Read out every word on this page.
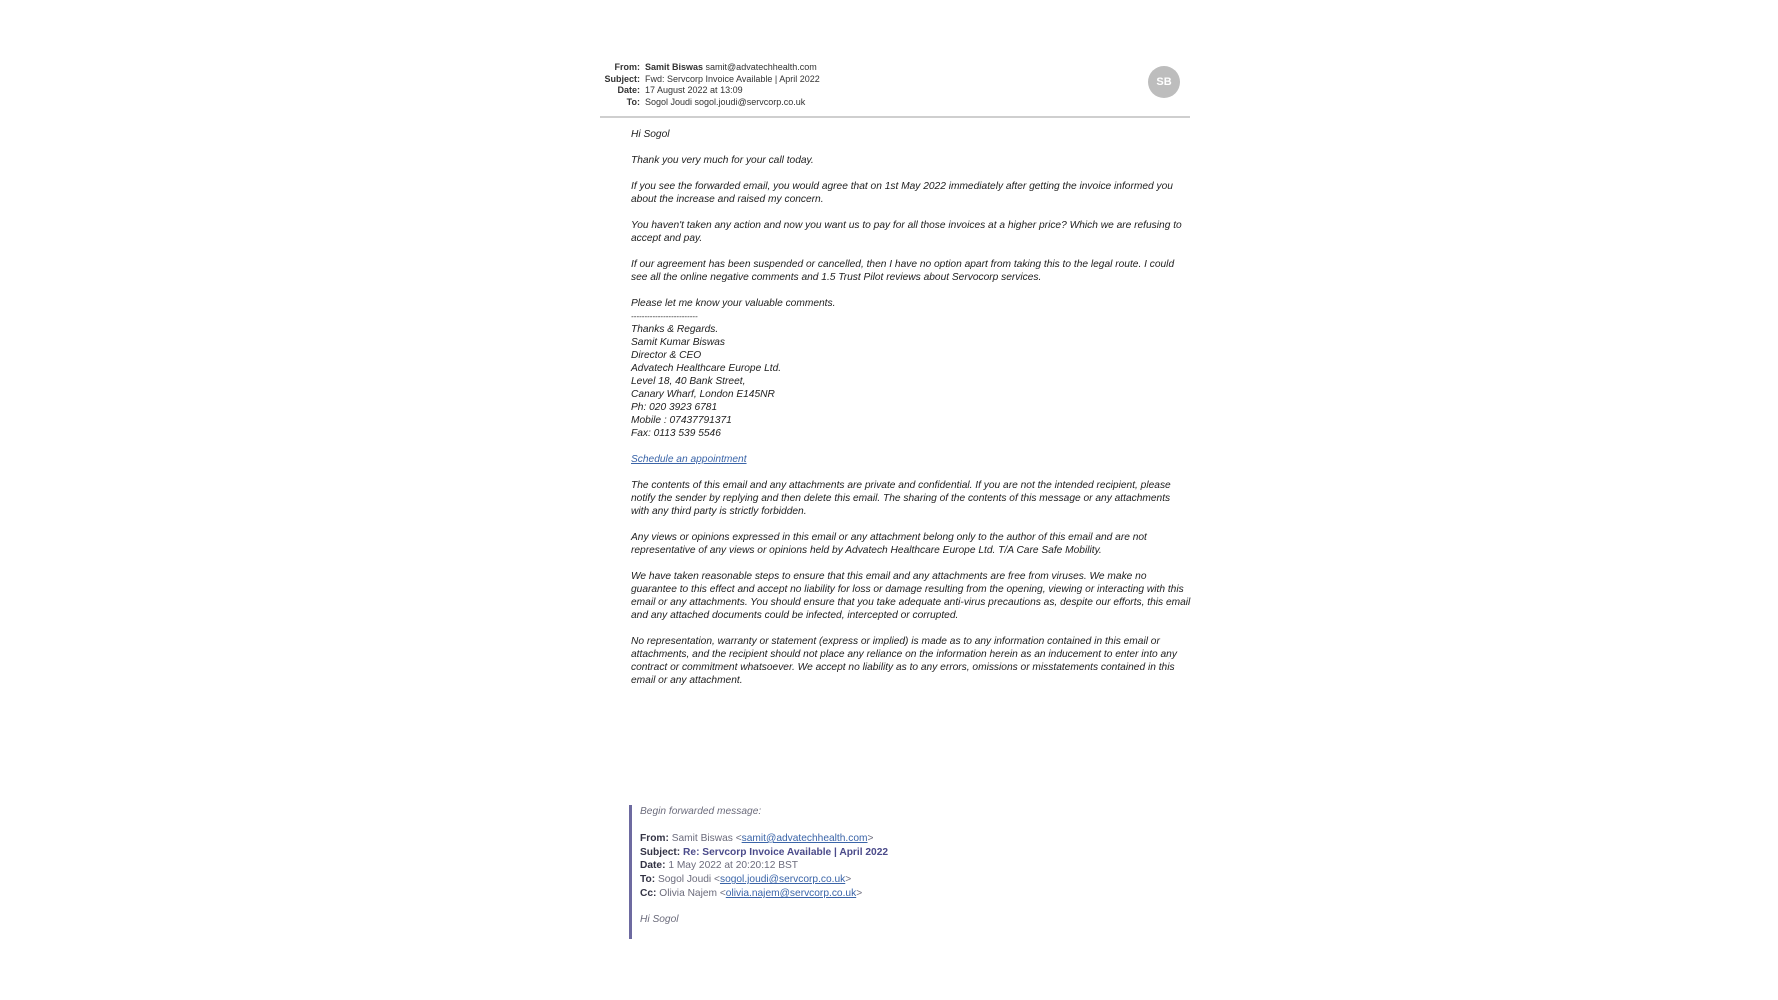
From: Samit Biswas samit@advatechhealth.com
Subject: Fwd: Servcorp Invoice Available | April 2022
Date: 17 August 2022 at 13:09
To: Sogol Joudi sogol.joudi@servcorp.co.uk
SB

Hi Sogol

Thank you very much for your call today.

If you see the forwarded email, you would agree that on 1st May 2022 immediately after getting the invoice informed you about the increase and raised my concern.

You haven't taken any action and now you want us to pay for all those invoices at a higher price? Which we are refusing to accept and pay.

If our agreement has been suspended or cancelled, then I have no option apart from taking this to the legal route. I could see all the online negative comments and 1.5 Trust Pilot reviews about Servocorp services.

Please let me know your valuable comments.
-------------------------
Thanks & Regards.
Samit Kumar Biswas
Director & CEO
Advatech Healthcare Europe Ltd.
Level 18, 40 Bank Street,
Canary Wharf, London E145NR
Ph: 020 3923 6781
Mobile : 07437791371
Fax: 0113 539 5546

Schedule an appointment

The contents of this email and any attachments are private and confidential. If you are not the intended recipient, please notify the sender by replying and then delete this email. The sharing of the contents of this message or any attachments with any third party is strictly forbidden.

Any views or opinions expressed in this email or any attachment belong only to the author of this email and are not representative of any views or opinions held by Advatech Healthcare Europe Ltd. T/A Care Safe Mobility.

We have taken reasonable steps to ensure that this email and any attachments are free from viruses. We make no guarantee to this effect and accept no liability for loss or damage resulting from the opening, viewing or interacting with this email or any attachments. You should ensure that you take adequate anti-virus precautions as, despite our efforts, this email and any attached documents could be infected, intercepted or corrupted.

No representation, warranty or statement (express or implied) is made as to any information contained in this email or attachments, and the recipient should not place any reliance on the information herein as an inducement to enter into any contract or commitment whatsoever. We accept no liability as to any errors, omissions or misstatements contained in this email or any attachment.

Begin forwarded message:
From: Samit Biswas <samit@advatechhealth.com>
Subject: Re: Servcorp Invoice Available | April 2022
Date: 1 May 2022 at 20:20:12 BST
To: Sogol Joudi <sogol.joudi@servcorp.co.uk>
Cc: Olivia Najem <olivia.najem@servcorp.co.uk>
Hi Sogol
